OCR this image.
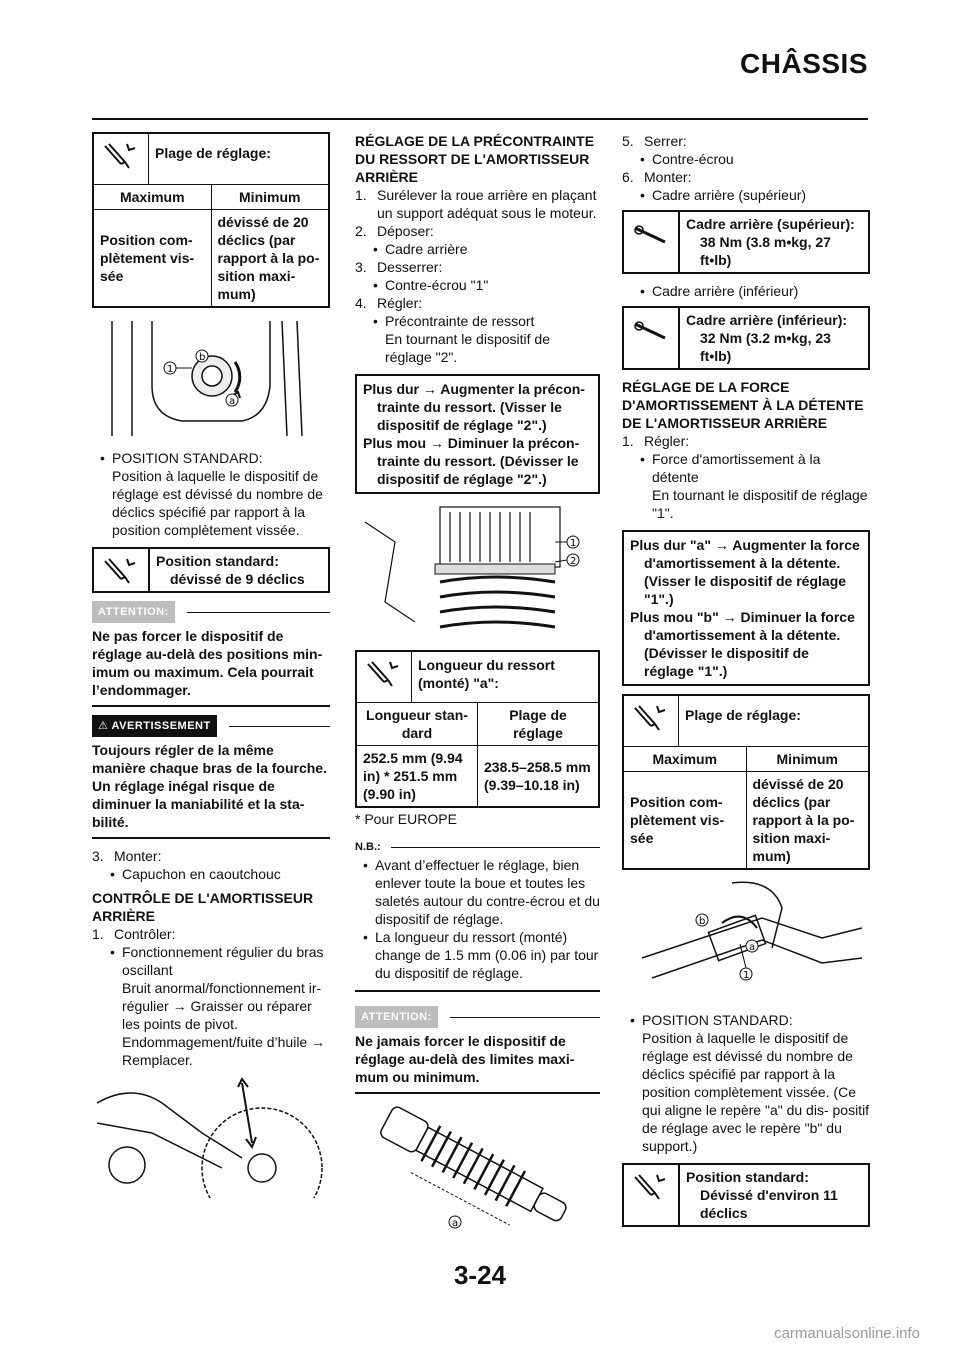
CHÂSSIS
Plage de réglage:
Maximum	Minimum
Position com- plètement vis- sée
dévissé de 20 déclics (par rapport à la po- sition maxi- mum)
b
1
a
• POSITION STANDARD:
Position à laquelle le dispositif de réglage est dévissé du nombre de déclics spécifié par rapport à la position complètement vissée.
Position standard:
dévissé de 9 déclics
ATTENTION:
Ne pas forcer le dispositif de réglage au-delà des positions min- imum ou maximum. Cela pourrait l’endommager.
⚠ AVERTISSEMENT
Toujours régler de la même manière chaque bras de la fourche. Un réglage inégal risque de diminuer la maniabilité et la sta- bilité.
3. Monter:
• Capuchon en caoutchouc
CONTRÔLE DE L'AMORTISSEUR ARRIÈRE
1. Contrôler:
• Fonctionnement régulier du bras oscillant
Bruit anormal/fonctionnement ir- régulier → Graisser ou réparer les points de pivot.
Endommagement/fuite d’huile → Remplacer.
RÉGLAGE DE LA PRÉCONTRAINTE DU RESSORT DE L'AMORTISSEUR ARRIÈRE
1. Surélever la roue arrière en plaçant un support adéquat sous le moteur.
2. Déposer:
• Cadre arrière
3. Desserrer:
• Contre-écrou "1"
4. Régler:
• Précontrainte de ressort
En tournant le dispositif de réglage "2".
Plus dur → Augmenter la précon- trainte du ressort. (Visser le dispositif de réglage "2".)
Plus mou → Diminuer la précon- trainte du ressort. (Dévisser le dispositif de réglage "2".)
1
2
Longueur du ressort (monté) "a":
Longueur stan- dard
Plage de réglage
252.5 mm (9.94 in) * 251.5 mm (9.90 in)
238.5–258.5 mm (9.39–10.18 in)
* Pour EUROPE
N.B.:
• Avant d’effectuer le réglage, bien enlever toute la boue et toutes les saletés autour du contre-écrou et du dispositif de réglage.
• La longueur du ressort (monté) change de 1.5 mm (0.06 in) par tour du dispositif de réglage.
ATTENTION:
Ne jamais forcer le dispositif de réglage au-delà des limites maxi- mum ou minimum.
a
5. Serrer:
• Contre-écrou
6. Monter:
• Cadre arrière (supérieur)
Cadre arrière (supérieur):
38 Nm (3.8 m•kg, 27 ft•lb)
• Cadre arrière (inférieur)
Cadre arrière (inférieur):
32 Nm (3.2 m•kg, 23 ft•lb)
RÉGLAGE DE LA FORCE D'AMORTISSEMENT À LA DÉTENTE DE L'AMORTISSEUR ARRIÈRE
1. Régler:
• Force d'amortissement à la détente
En tournant le dispositif de réglage "1".
Plus dur "a" → Augmenter la force d'amortissement à la détente. (Visser le dispositif de réglage "1".)
Plus mou "b" → Diminuer la force d'amortissement à la détente. (Dévisser le dispositif de réglage "1".)
Plage de réglage:
Maximum	Minimum
Position com- plètement vis- sée
dévissé de 20 déclics (par rapport à la po- sition maxi- mum)
b
a
1
• POSITION STANDARD:
Position à laquelle le dispositif de réglage est dévissé du nombre de déclics spécifié par rapport à la position complètement vissée. (Ce qui aligne le repère "a" du dis- positif de réglage avec le repère "b" du support.)
Position standard:
Dévissé d'environ 11 déclics
3-24
carmanualsonline.info
